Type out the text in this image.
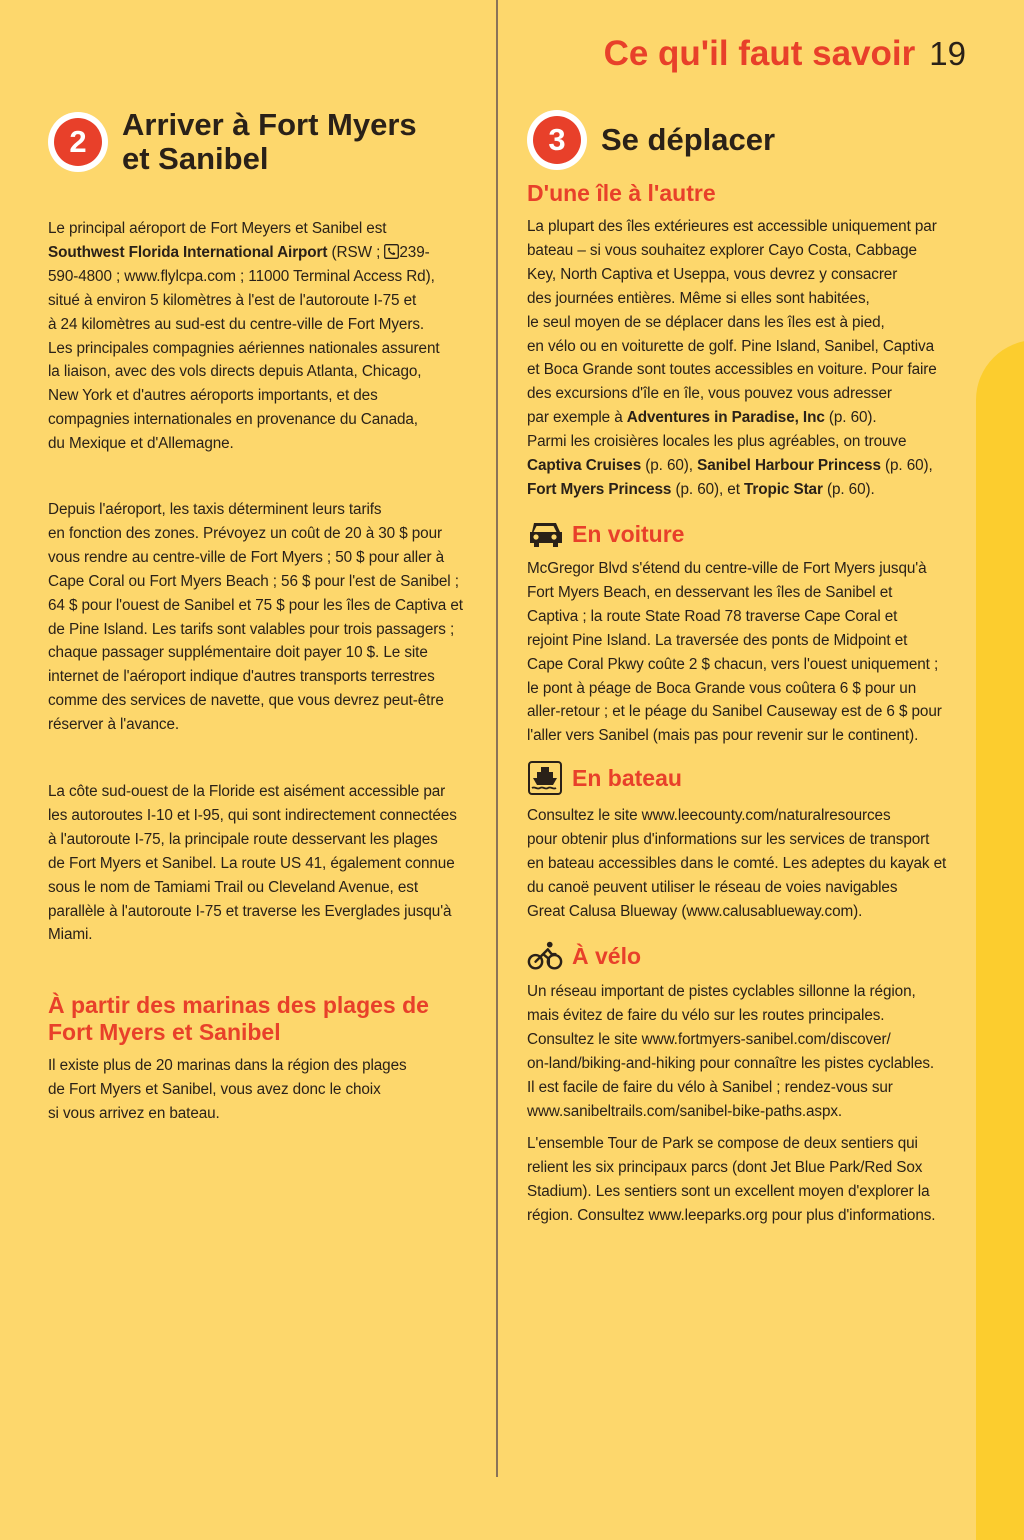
Ce qu'il faut savoir 19
2	Arriver à Fort Myers
et Sanibel

Le principal aéroport de Fort Meyers et Sanibel est
Southwest Florida International Airport (RSW ; 239-
590-4800 ; www.flylcpa.com ; 11000 Terminal Access Rd),
situé à environ 5 kilomètres à l'est de l'autoroute I-75 et
à 24 kilomètres au sud-est du centre-ville de Fort Myers.
Les principales compagnies aériennes nationales assurent
la liaison, avec des vols directs depuis Atlanta, Chicago,
New York et d'autres aéroports importants, et des
compagnies internationales en provenance du Canada,
du Mexique et d'Allemagne.

Depuis l'aéroport, les taxis déterminent leurs tarifs
en fonction des zones. Prévoyez un coût de 20 à 30 $ pour
vous rendre au centre-ville de Fort Myers ; 50 $ pour aller à
Cape Coral ou Fort Myers Beach ; 56 $ pour l'est de Sanibel ;
64 $ pour l'ouest de Sanibel et 75 $ pour les îles de Captiva et
de Pine Island. Les tarifs sont valables pour trois passagers ;
chaque passager supplémentaire doit payer 10 $. Le site
internet de l'aéroport indique d'autres transports terrestres
comme des services de navette, que vous devrez peut-être
réserver à l'avance.

La côte sud-ouest de la Floride est aisément accessible par
les autoroutes I-10 et I-95, qui sont indirectement connectées
à l'autoroute I-75, la principale route desservant les plages
de Fort Myers et Sanibel. La route US 41, également connue
sous le nom de Tamiami Trail ou Cleveland Avenue, est
parallèle à l'autoroute I-75 et traverse les Everglades jusqu'à
Miami.

À partir des marinas des plages de
Fort Myers et Sanibel

Il existe plus de 20 marinas dans la région des plages
de Fort Myers et Sanibel, vous avez donc le choix
si vous arrivez en bateau.

3	Se déplacer
D'une île à l'autre

La plupart des îles extérieures est accessible uniquement par
bateau – si vous souhaitez explorer Cayo Costa, Cabbage
Key, North Captiva et Useppa, vous devrez y consacrer
des journées entières. Même si elles sont habitées,
le seul moyen de se déplacer dans les îles est à pied,
en vélo ou en voiturette de golf. Pine Island, Sanibel, Captiva
et Boca Grande sont toutes accessibles en voiture. Pour faire
des excursions d'île en île, vous pouvez vous adresser
par exemple à Adventures in Paradise, Inc (p. 60).
Parmi les croisières locales les plus agréables, on trouve
Captiva Cruises (p. 60), Sanibel Harbour Princess (p. 60),
Fort Myers Princess (p. 60), et Tropic Star (p. 60).

En voiture

McGregor Blvd s'étend du centre-ville de Fort Myers jusqu'à
Fort Myers Beach, en desservant les îles de Sanibel et
Captiva ; la route State Road 78 traverse Cape Coral et
rejoint Pine Island. La traversée des ponts de Midpoint et
Cape Coral Pkwy coûte 2 $ chacun, vers l'ouest uniquement ;
le pont à péage de Boca Grande vous coûtera 6 $ pour un
aller-retour ; et le péage du Sanibel Causeway est de 6 $ pour
l'aller vers Sanibel (mais pas pour revenir sur le continent).

En bateau

Consultez le site www.leecounty.com/naturalresources
pour obtenir plus d'informations sur les services de transport
en bateau accessibles dans le comté. Les adeptes du kayak et
du canoë peuvent utiliser le réseau de voies navigables
Great Calusa Blueway (www.calusablueway.com).

À vélo

Un réseau important de pistes cyclables sillonne la région,
mais évitez de faire du vélo sur les routes principales.
Consultez le site www.fortmyers-sanibel.com/discover/
on-land/biking-and-hiking pour connaître les pistes cyclables.
Il est facile de faire du vélo à Sanibel ; rendez-vous sur
www.sanibeltrails.com/sanibel-bike-paths.aspx.

L'ensemble Tour de Park se compose de deux sentiers qui
relient les six principaux parcs (dont Jet Blue Park/Red Sox
Stadium). Les sentiers sont un excellent moyen d'explorer la
région. Consultez www.leeparks.org pour plus d'informations.
